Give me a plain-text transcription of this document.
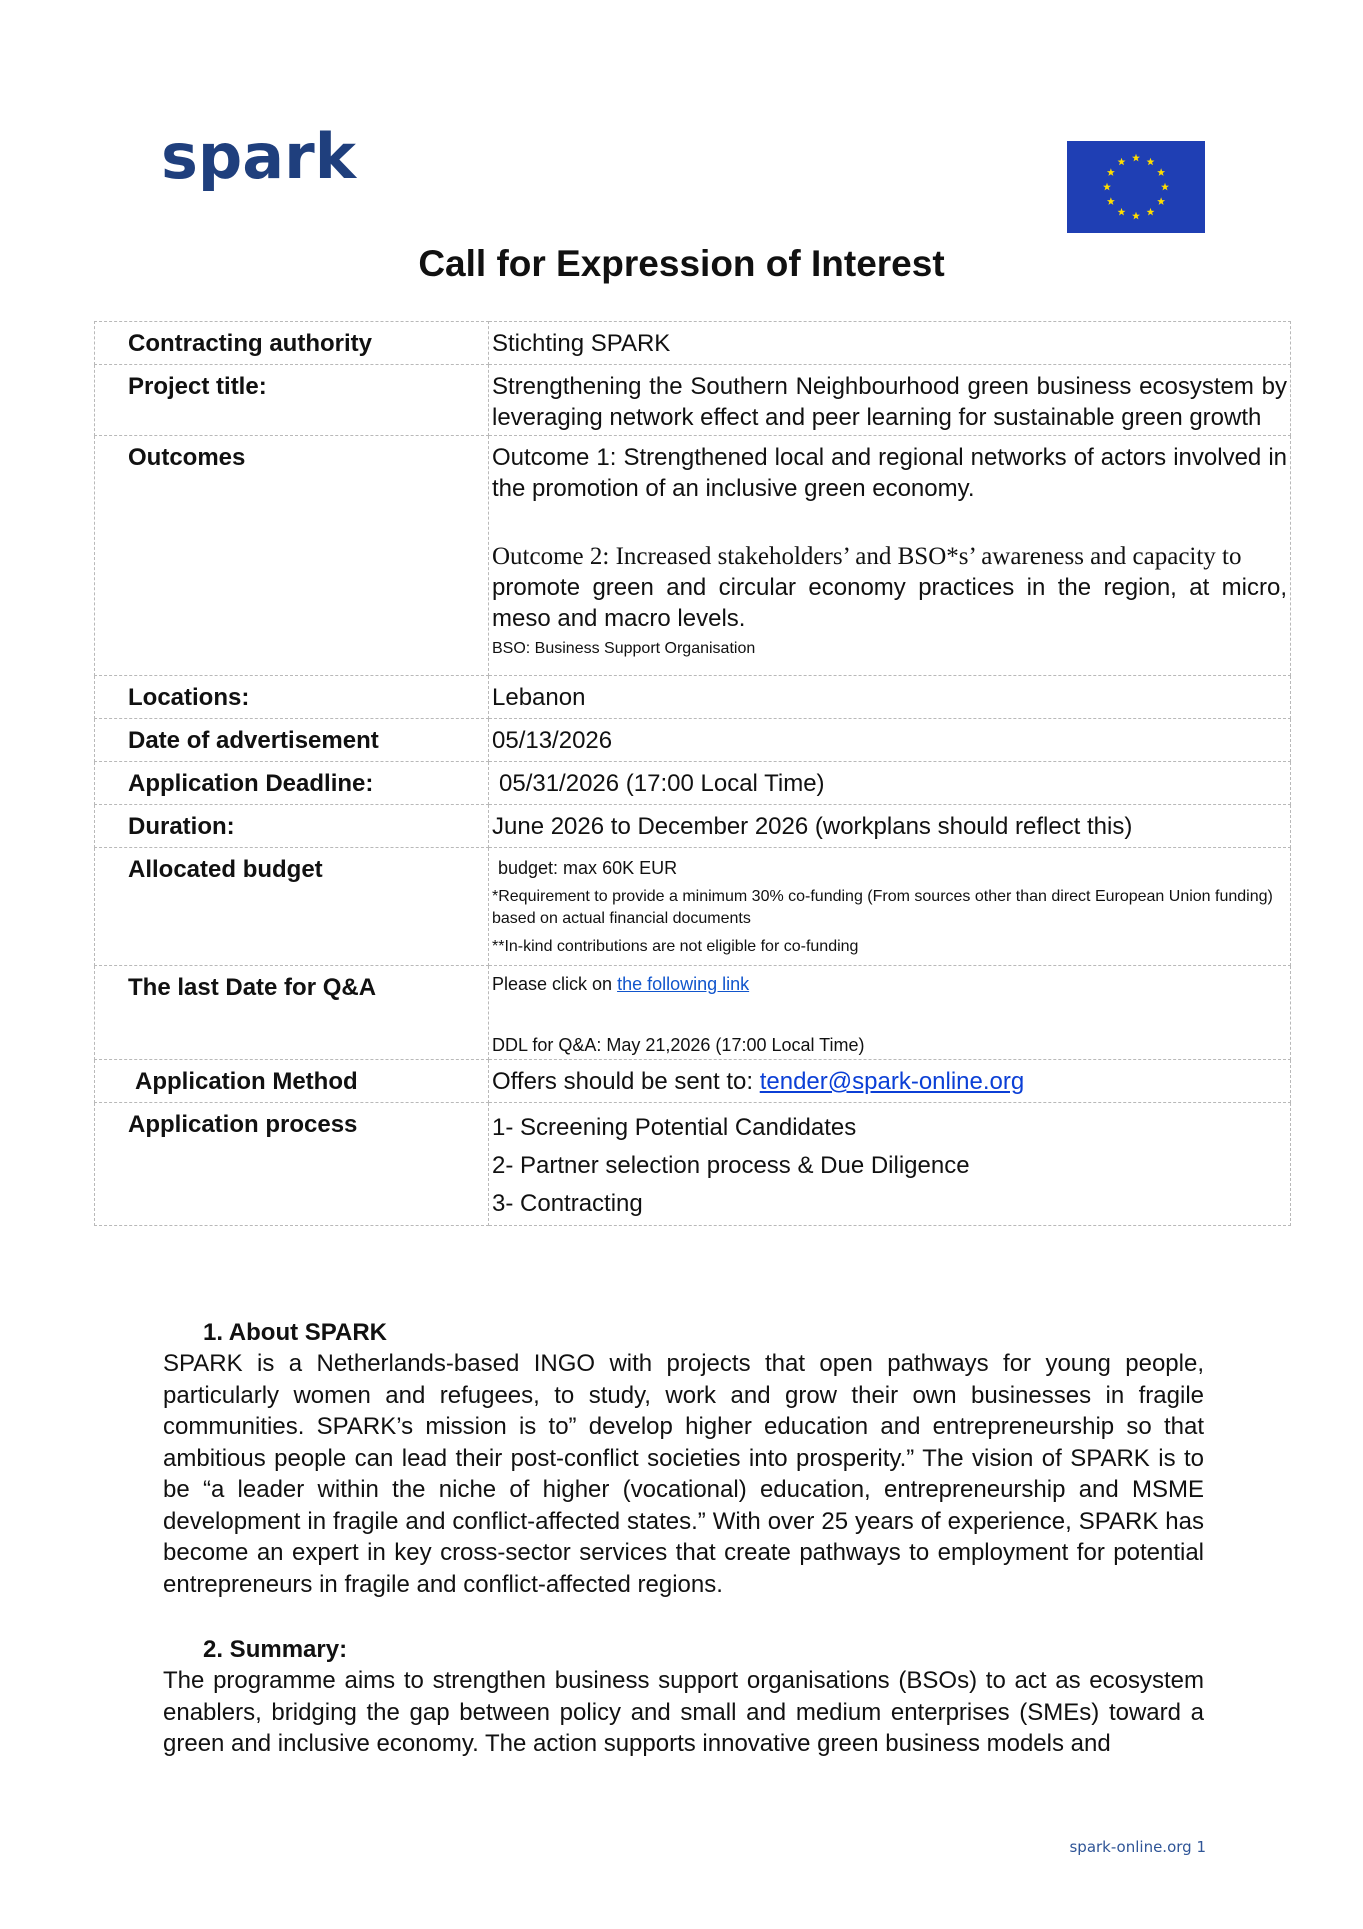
spark
Call for Expression of Interest
Contracting authority	Stichting SPARK
Project title:	Strengthening the Southern Neighbourhood green business ecosystem by leveraging network effect and peer learning for sustainable green growth
Outcomes	Outcome 1: Strengthened local and regional networks of actors involved in the promotion of an inclusive green economy.
Outcome 2: Increased stakeholders’ and BSO*s’ awareness and capacity to
promote green and circular economy practices in the region, at micro, meso and macro levels.
BSO: Business Support Organisation

Locations:	Lebanon
Date of advertisement	05/13/2026
Application Deadline:	05/31/2026 (17:00 Local Time)
Duration:	June 2026 to December 2026 (workplans should reflect this)
Allocated budget	budget: max 60K EUR
*Requirement to provide a minimum 30% co-funding (From sources other than direct European Union funding) based on actual financial documents
**In-kind contributions are not eligible for co-funding

The last Date for Q&A	Please click on the following link
DDL for Q&A: May 21,2026 (17:00 Local Time)

Application Method	Offers should be sent to: tender@spark-online.org
Application process	1- Screening Potential Candidates
2- Partner selection process & Due Diligence
3- Contracting
1. About SPARK
SPARK is a Netherlands-based INGO with projects that open pathways for young people, particularly women and refugees, to study, work and grow their own businesses in fragile communities. SPARK’s mission is to” develop higher education and entrepreneurship so that ambitious people can lead their post-conflict societies into prosperity.” The vision of SPARK is to be “a leader within the niche of higher (vocational) education, entrepreneurship and MSME development in fragile and conflict-affected states.” With over 25 years of experience, SPARK has become an expert in key cross-sector services that create pathways to employment for potential entrepreneurs in fragile and conflict-affected regions.
2. Summary:
The programme aims to strengthen business support organisations (BSOs) to act as ecosystem enablers, bridging the gap between policy and small and medium enterprises (SMEs) toward a green and inclusive economy. The action supports innovative green business models and
spark-online.org 1
